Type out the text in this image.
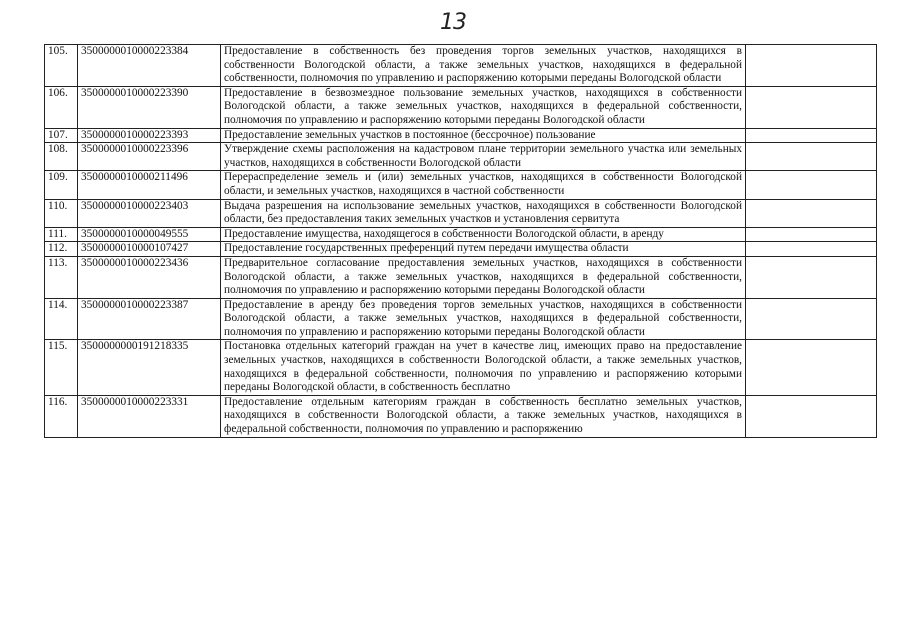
13
105.	3500000010000223384	Предоставление в собственность без проведения торгов земельных участков, находящихся в собственности Вологодской области, а также земельных участков, находящихся в федеральной собственности, полномочия по управлению и распоряжению которыми переданы Вологодской области	
106.	3500000010000223390	Предоставление в безвозмездное пользование земельных участков, находящихся в собственности Вологодской области, а также земельных участков, находящихся в федеральной собственности, полномочия по управлению и распоряжению которыми переданы Вологодской области	
107.	3500000010000223393	Предоставление земельных участков в постоянное (бессрочное) пользование	
108.	3500000010000223396	Утверждение схемы расположения на кадастровом плане территории земельного участка или земельных участков, находящихся в собственности Вологодской области	
109.	3500000010000211496	Перераспределение земель и (или) земельных участков, находящихся в собственности Вологодской области, и земельных участков, находящихся в частной собственности	
110.	3500000010000223403	Выдача разрешения на использование земельных участков, находящихся в собственности Вологодской области, без предоставления таких земельных участков и установления сервитута	
111.	3500000010000049555	Предоставление имущества, находящегося в собственности Вологодской области, в аренду	
112.	3500000010000107427	Предоставление государственных преференций путем передачи имущества области	
113.	3500000010000223436	Предварительное согласование предоставления земельных участков, находящихся в собственности Вологодской области, а также земельных участков, находящихся в федеральной собственности, полномочия по управлению и распоряжению которыми переданы Вологодской области	
114.	3500000010000223387	Предоставление в аренду без проведения торгов земельных участков, находящихся в собственности Вологодской области, а также земельных участков, находящихся в федеральной собственности, полномочия по управлению и распоряжению которыми переданы Вологодской области	
115.	3500000000191218335	Постановка отдельных категорий граждан на учет в качестве лиц, имеющих право на предоставление земельных участков, находящихся в собственности Вологодской области, а также земельных участков, находящихся в федеральной собственности, полномочия по управлению и распоряжению которыми переданы Вологодской области, в собственность бесплатно	
116.	3500000010000223331	Предоставление отдельным категориям граждан в собственность бесплатно земельных участков, находящихся в собственности Вологодской области, а также земельных участков, находящихся в федеральной собственности, полномочия по управлению и распоряжению	
